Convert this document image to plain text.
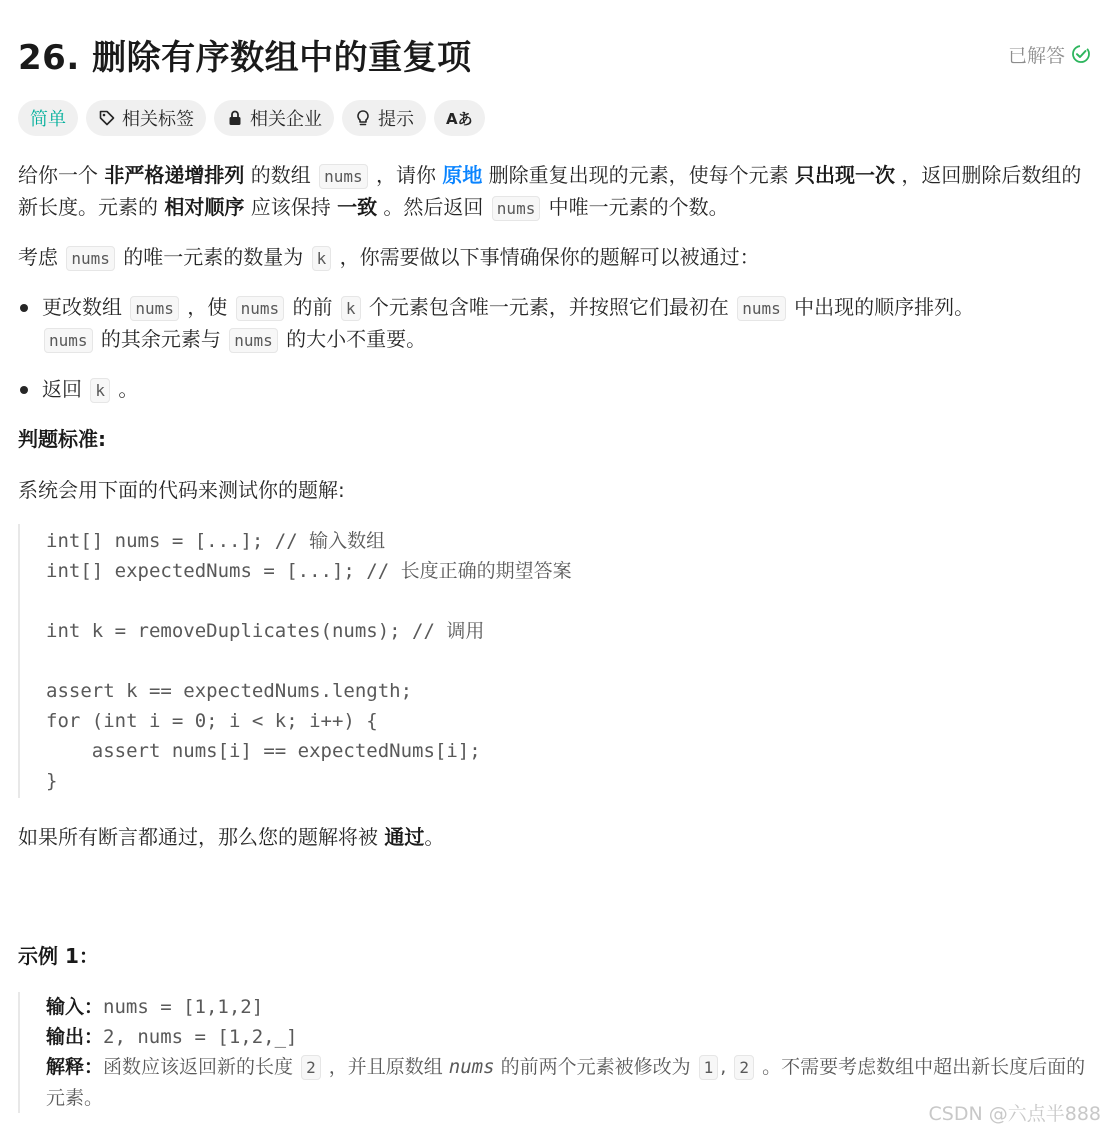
26. 删除有序数组中的重复项	已解答
简单	相关标签	相关企业	提示 Aあ

给你一个 非严格递增排列 的数组 nums ，请你 原地 删除重复出现的元素，使每个元素 只出现一次 ，返回删除后数组的新长度。元素的 相对顺序 应该保持 一致 。然后返回 nums 中唯一元素的个数。

考虑 nums 的唯一元素的数量为 k ，你需要做以下事情确保你的题解可以被通过：

更改数组 nums ，使 nums 的前 k 个元素包含唯一元素，并按照它们最初在 nums 中出现的顺序排列。
nums 的其余元素与 nums 的大小不重要。
返回 k 。
判题标准:

系统会用下面的代码来测试你的题解:

int[] nums = [...]; // 输入数组
int[] expectedNums = [...]; // 长度正确的期望答案

int k = removeDuplicates(nums); // 调用

assert k == expectedNums.length;
for (int i = 0; i < k; i++) {
assert nums[i] == expectedNums[i];
}

如果所有断言都通过，那么您的题解将被 通过。

示例 1：
输入：nums = [1,1,2]
输出：2, nums = [1,2,_]
解释：函数应该返回新的长度 2 ，并且原数组 nums 的前两个元素被修改为 1 , 2 。不需要考虑数组中超出新长度后面的元素。
CSDN @六点半888
